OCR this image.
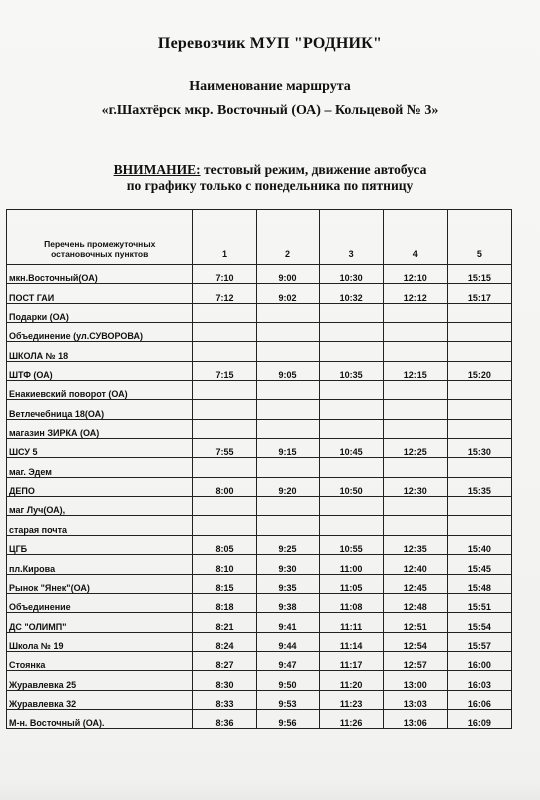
Перевозчик МУП "РОДНИК"
Наименование маршрута
«г.Шахтёрск мкр. Восточный (ОА) – Кольцевой № 3»
ВНИМАНИЕ: тестовый режим, движение автобуса
по графику только с понедельника по пятницу
Перечень промежуточных остановочных пунктов	1	2	3	4	5
мкн.Восточный(ОА)	7:10	9:00	10:30	12:10	15:15
ПОСТ ГАИ	7:12	9:02	10:32	12:12	15:17
Подарки (ОА)					
Объединение (ул.СУВОРОВА)					
ШКОЛА № 18					
ШТФ (ОА)	7:15	9:05	10:35	12:15	15:20
Енакиевский поворот (ОА)					
Ветлечебница 18(ОА)					
магазин ЗИРКА (ОА)					
ШСУ 5	7:55	9:15	10:45	12:25	15:30
маг. Эдем					
ДЕПО	8:00	9:20	10:50	12:30	15:35
маг Луч(ОА),					
старая почта					
ЦГБ	8:05	9:25	10:55	12:35	15:40
пл.Кирова	8:10	9:30	11:00	12:40	15:45
Рынок "Янек"(ОА)	8:15	9:35	11:05	12:45	15:48
Объединение	8:18	9:38	11:08	12:48	15:51
ДС "ОЛИМП"	8:21	9:41	11:11	12:51	15:54
Школа № 19	8:24	9:44	11:14	12:54	15:57
Стоянка	8:27	9:47	11:17	12:57	16:00
Журавлевка 25	8:30	9:50	11:20	13:00	16:03
Журавлевка 32	8:33	9:53	11:23	13:03	16:06
М-н. Восточный (ОА).	8:36	9:56	11:26	13:06	16:09
